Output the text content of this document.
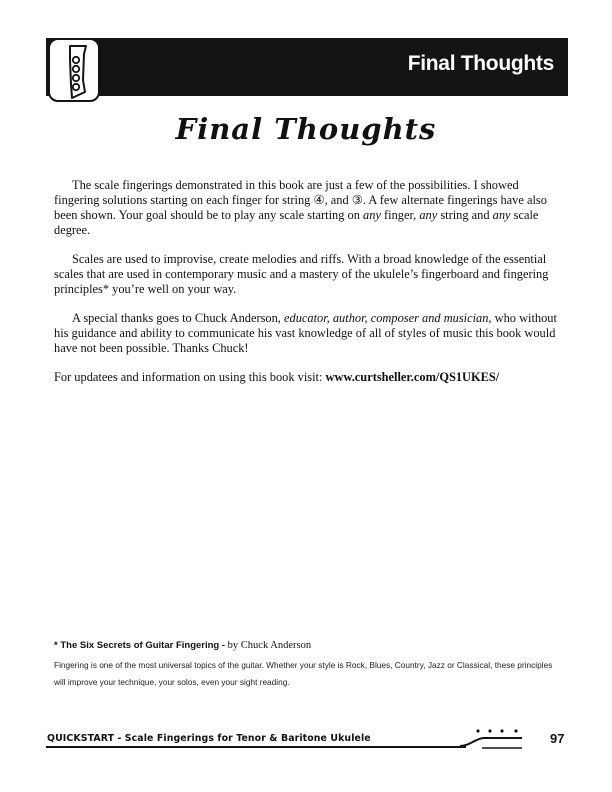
Final Thoughts
Final Thoughts

The scale fingerings demonstrated in this book are just a few of the possibilities. I showed fingering solutions starting on each finger for string ④, and ③. A few alternate fingerings have also been shown. Your goal should be to play any scale starting on any finger, any string and any scale degree.

Scales are used to improvise, create melodies and riffs. With a broad knowledge of the essential scales that are used in contemporary music and a mastery of the ukulele’s fingerboard and fingering principles* you’re well on your way.

A special thanks goes to Chuck Anderson, educator, author, composer and musician, who without his guidance and ability to communicate his vast knowledge of all of styles of music this book would have not been possible. Thanks Chuck!

For updatees and information on using this book visit: www.curtsheller.com/QS1UKES/

* The Six Secrets of Guitar Fingering - by Chuck Anderson
Fingering is one of the most universal topics of the guitar. Whether your style is Rock, Blues, Country, Jazz or Classical, these principles will improve your technique, your solos, even your sight reading.
QUICKSTART - Scale Fingerings for Tenor & Baritone Ukulele	97
